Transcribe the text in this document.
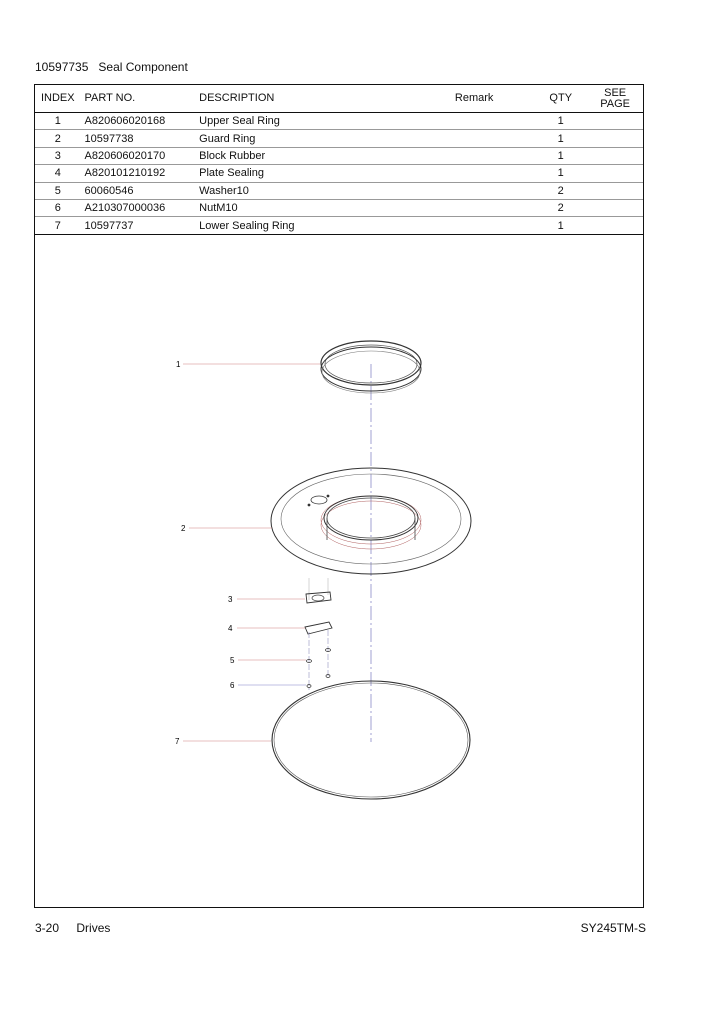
10597735 Seal Component
INDEX	PART NO.	DESCRIPTION	Remark	QTY	SEE PAGE
1	A820606020168	Upper Seal Ring		1	
2	10597738	Guard Ring		1	
3	A820606020170	Block Rubber		1	
4	A820101210192	Plate Sealing		1	
5	60060546	Washer10		2	
6	A210307000036	NutM10		2	
7	10597737	Lower Sealing Ring		1	
1
2
3
4
5
6
7
3-20 Drives	SY245TM-S
